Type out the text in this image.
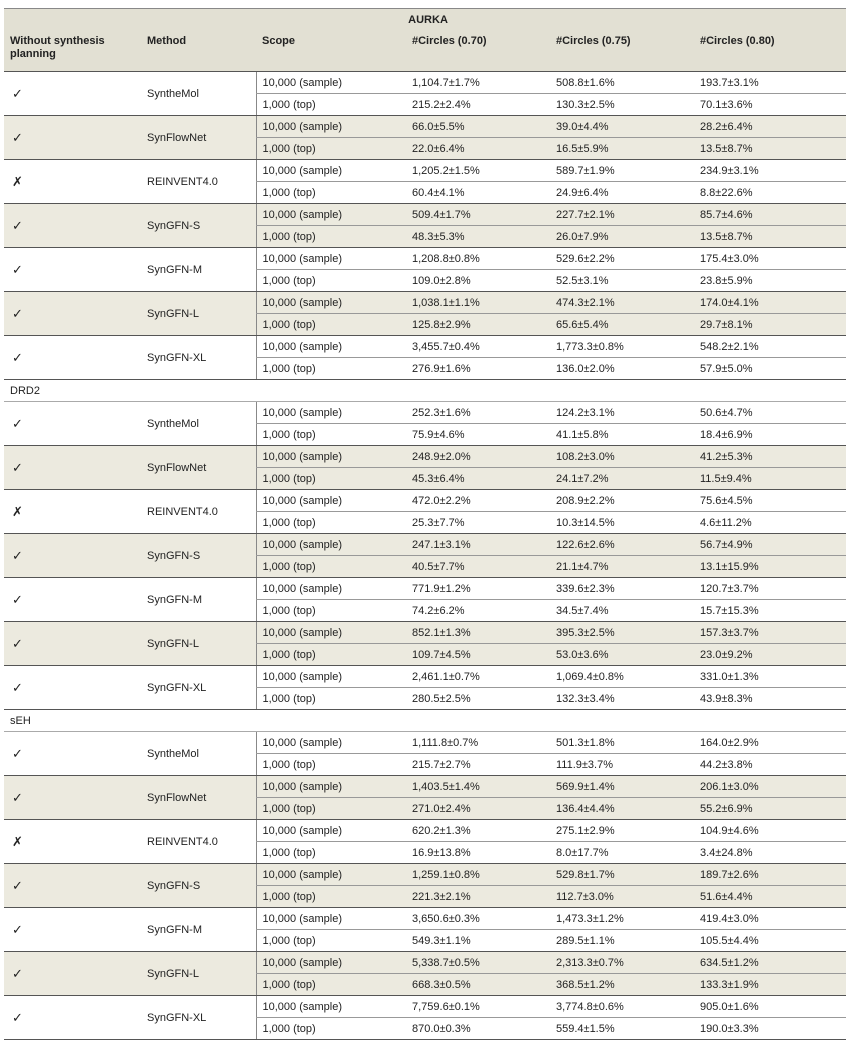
AURKA					
Without synthesis planning	Method	Scope	#Circles (0.70)	#Circles (0.75)	#Circles (0.80)
✓	SyntheMol	10,000 (sample)	1,104.7±1.7%	508.8±1.6%	193.7±3.1%
		1,000 (top)	215.2±2.4%	130.3±2.5%	70.1±3.6%
✓	SynFlowNet	10,000 (sample)	66.0±5.5%	39.0±4.4%	28.2±6.4%
		1,000 (top)	22.0±6.4%	16.5±5.9%	13.5±8.7%
✗	REINVENT4.0	10,000 (sample)	1,205.2±1.5%	589.7±1.9%	234.9±3.1%
		1,000 (top)	60.4±4.1%	24.9±6.4%	8.8±22.6%
✓	SynGFN-S	10,000 (sample)	509.4±1.7%	227.7±2.1%	85.7±4.6%
		1,000 (top)	48.3±5.3%	26.0±7.9%	13.5±8.7%
✓	SynGFN-M	10,000 (sample)	1,208.8±0.8%	529.6±2.2%	175.4±3.0%
		1,000 (top)	109.0±2.8%	52.5±3.1%	23.8±5.9%
✓	SynGFN-L	10,000 (sample)	1,038.1±1.1%	474.3±2.1%	174.0±4.1%
		1,000 (top)	125.8±2.9%	65.6±5.4%	29.7±8.1%
✓	SynGFN-XL	10,000 (sample)	3,455.7±0.4%	1,773.3±0.8%	548.2±2.1%
		1,000 (top)	276.9±1.6%	136.0±2.0%	57.9±5.0%
DRD2					
✓	SyntheMol	10,000 (sample)	252.3±1.6%	124.2±3.1%	50.6±4.7%
		1,000 (top)	75.9±4.6%	41.1±5.8%	18.4±6.9%
✓	SynFlowNet	10,000 (sample)	248.9±2.0%	108.2±3.0%	41.2±5.3%
		1,000 (top)	45.3±6.4%	24.1±7.2%	11.5±9.4%
✗	REINVENT4.0	10,000 (sample)	472.0±2.2%	208.9±2.2%	75.6±4.5%
		1,000 (top)	25.3±7.7%	10.3±14.5%	4.6±11.2%
✓	SynGFN-S	10,000 (sample)	247.1±3.1%	122.6±2.6%	56.7±4.9%
		1,000 (top)	40.5±7.7%	21.1±4.7%	13.1±15.9%
✓	SynGFN-M	10,000 (sample)	771.9±1.2%	339.6±2.3%	120.7±3.7%
		1,000 (top)	74.2±6.2%	34.5±7.4%	15.7±15.3%
✓	SynGFN-L	10,000 (sample)	852.1±1.3%	395.3±2.5%	157.3±3.7%
		1,000 (top)	109.7±4.5%	53.0±3.6%	23.0±9.2%
✓	SynGFN-XL	10,000 (sample)	2,461.1±0.7%	1,069.4±0.8%	331.0±1.3%
		1,000 (top)	280.5±2.5%	132.3±3.4%	43.9±8.3%
sEH					
✓	SyntheMol	10,000 (sample)	1,111.8±0.7%	501.3±1.8%	164.0±2.9%
		1,000 (top)	215.7±2.7%	111.9±3.7%	44.2±3.8%
✓	SynFlowNet	10,000 (sample)	1,403.5±1.4%	569.9±1.4%	206.1±3.0%
		1,000 (top)	271.0±2.4%	136.4±4.4%	55.2±6.9%
✗	REINVENT4.0	10,000 (sample)	620.2±1.3%	275.1±2.9%	104.9±4.6%
		1,000 (top)	16.9±13.8%	8.0±17.7%	3.4±24.8%
✓	SynGFN-S	10,000 (sample)	1,259.1±0.8%	529.8±1.7%	189.7±2.6%
		1,000 (top)	221.3±2.1%	112.7±3.0%	51.6±4.4%
✓	SynGFN-M	10,000 (sample)	3,650.6±0.3%	1,473.3±1.2%	419.4±3.0%
		1,000 (top)	549.3±1.1%	289.5±1.1%	105.5±4.4%
✓	SynGFN-L	10,000 (sample)	5,338.7±0.5%	2,313.3±0.7%	634.5±1.2%
		1,000 (top)	668.3±0.5%	368.5±1.2%	133.3±1.9%
✓	SynGFN-XL	10,000 (sample)	7,759.6±0.1%	3,774.8±0.6%	905.0±1.6%
		1,000 (top)	870.0±0.3%	559.4±1.5%	190.0±3.3%
